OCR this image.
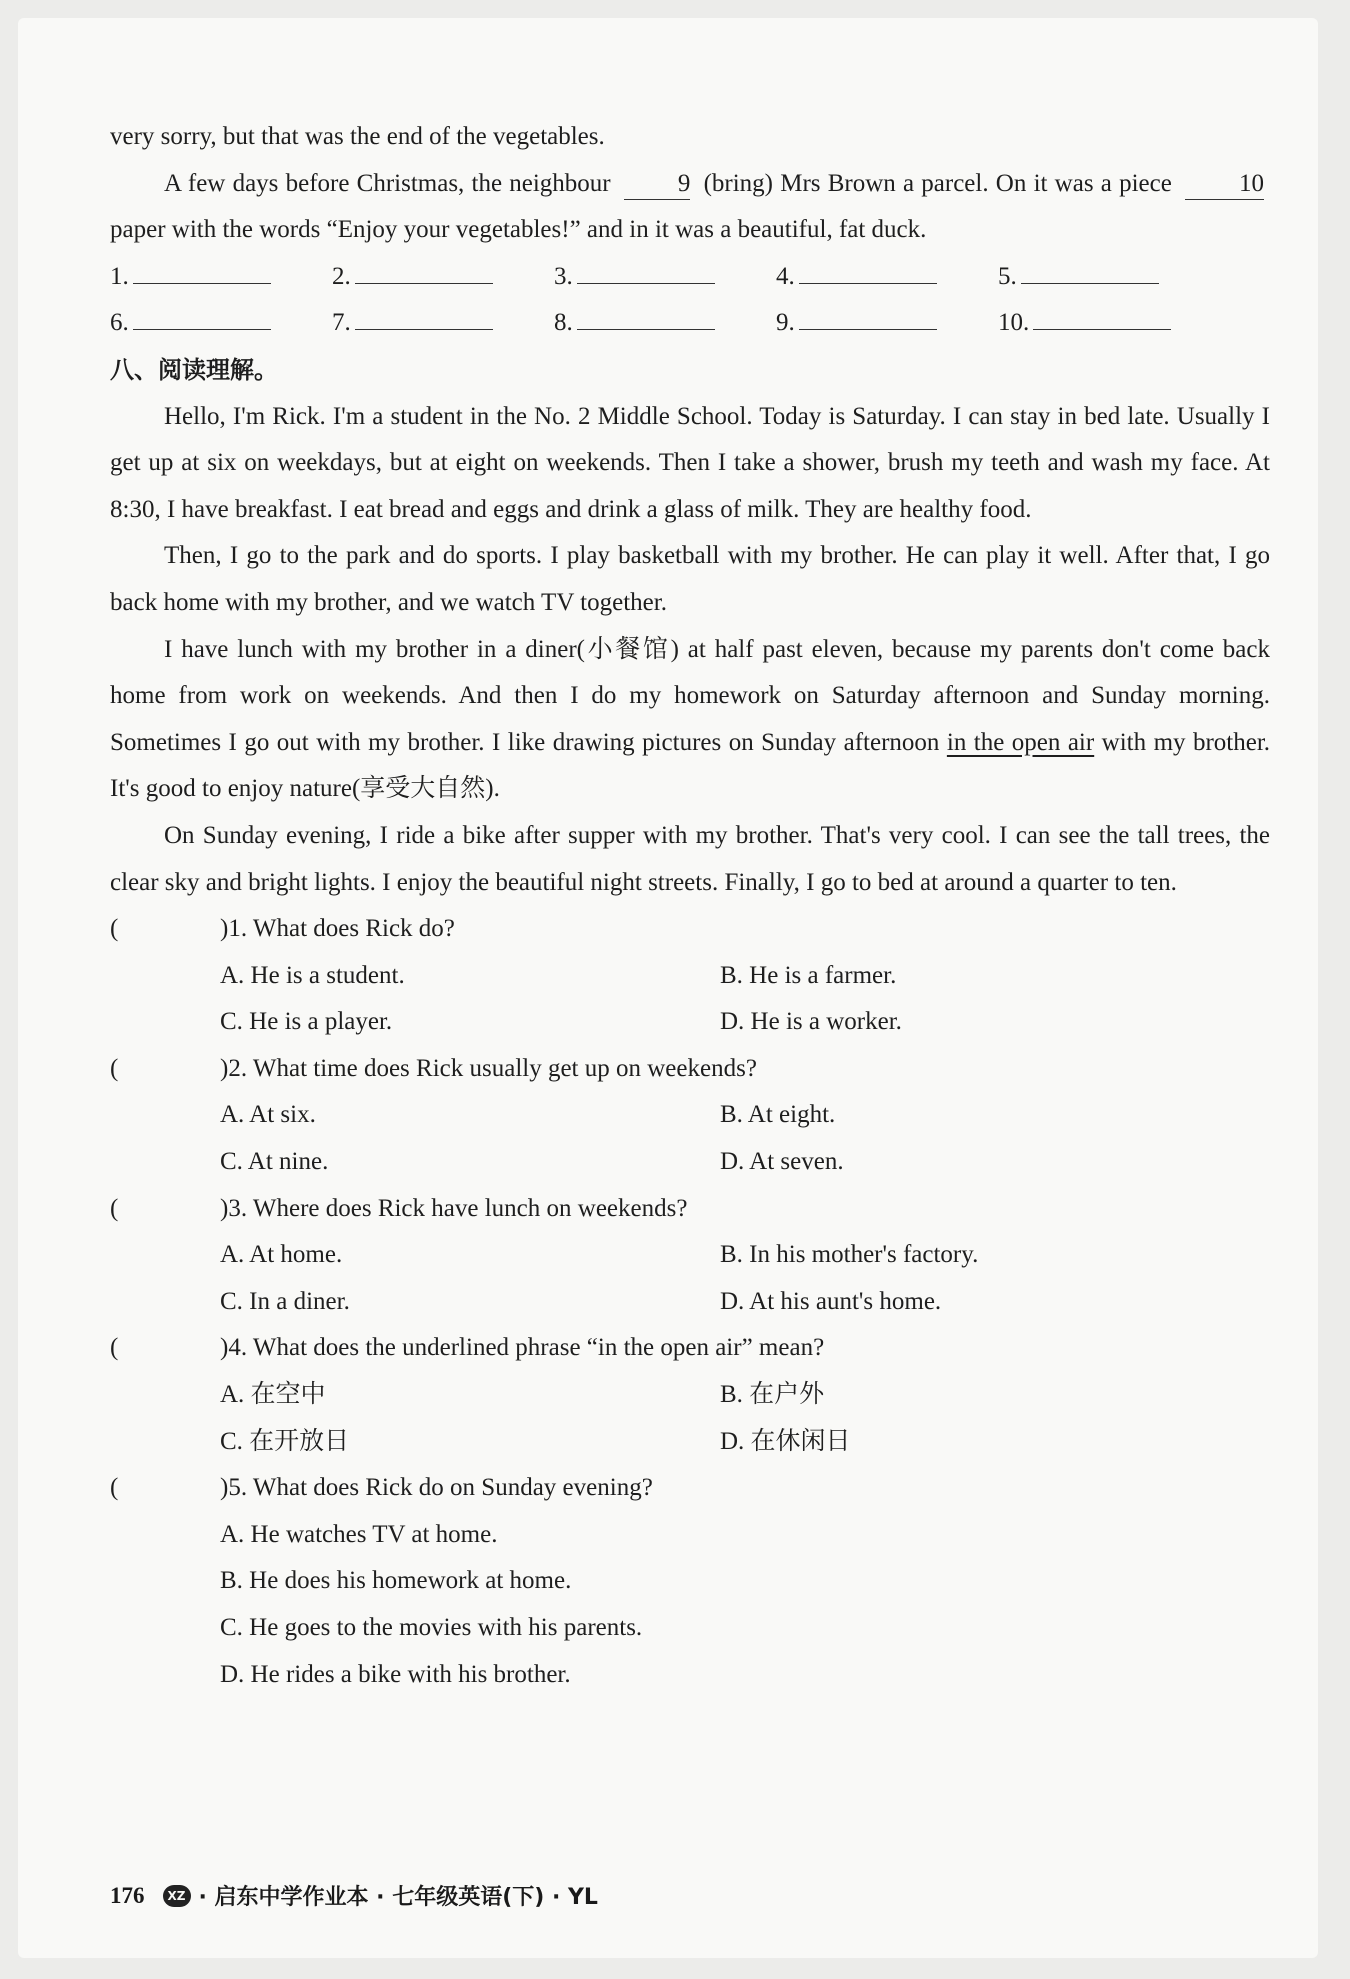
very sorry, but that was the end of the vegetables.

A few days before Christmas, the neighbour	9 (bring) Mrs Brown a parcel. On it was a piece	10 paper with the words “Enjoy your vegetables!” and in it was a beautiful, fat duck.

1.	2.	3.	4.	5.
6.	7.	8.	9.	10.

八、阅读理解。

Hello, I'm Rick. I'm a student in the No. 2 Middle School. Today is Saturday. I can stay in bed late. Usually I get up at six on weekdays, but at eight on weekends. Then I take a shower, brush my teeth and wash my face. At 8:30, I have breakfast. I eat bread and eggs and drink a glass of milk. They are healthy food.

Then, I go to the park and do sports. I play basketball with my brother. He can play it well. After that, I go back home with my brother, and we watch TV together.

I have lunch with my brother in a diner(小餐馆) at half past eleven, because my parents don't come back home from work on weekends. And then I do my homework on Saturday afternoon and Sunday morning. Sometimes I go out with my brother. I like drawing pictures on Sunday afternoon in the open air with my brother. It's good to enjoy nature(享受大自然).

On Sunday evening, I ride a bike after supper with my brother. That's very cool. I can see the tall trees, the clear sky and bright lights. I enjoy the beautiful night streets. Finally, I go to bed at around a quarter to ten.

(	)1. What does Rick do?
A. He is a student.	B. He is a farmer.
C. He is a player.	D. He is a worker.
(	)2. What time does Rick usually get up on weekends?
A. At six.	B. At eight.
C. At nine.	D. At seven.
(	)3. Where does Rick have lunch on weekends?
A. At home.	B. In his mother's factory.
C. In a diner.	D. At his aunt's home.
(	)4. What does the underlined phrase “in the open air” mean?
A. 在空中	B. 在户外
C. 在开放日	D. 在休闲日
(	)5. What does Rick do on Sunday evening?
A. He watches TV at home.
B. He does his homework at home.
C. He goes to the movies with his parents.
D. He rides a bike with his brother.
176	XZ · 启东中学作业本 · 七年级英语(下) · YL
